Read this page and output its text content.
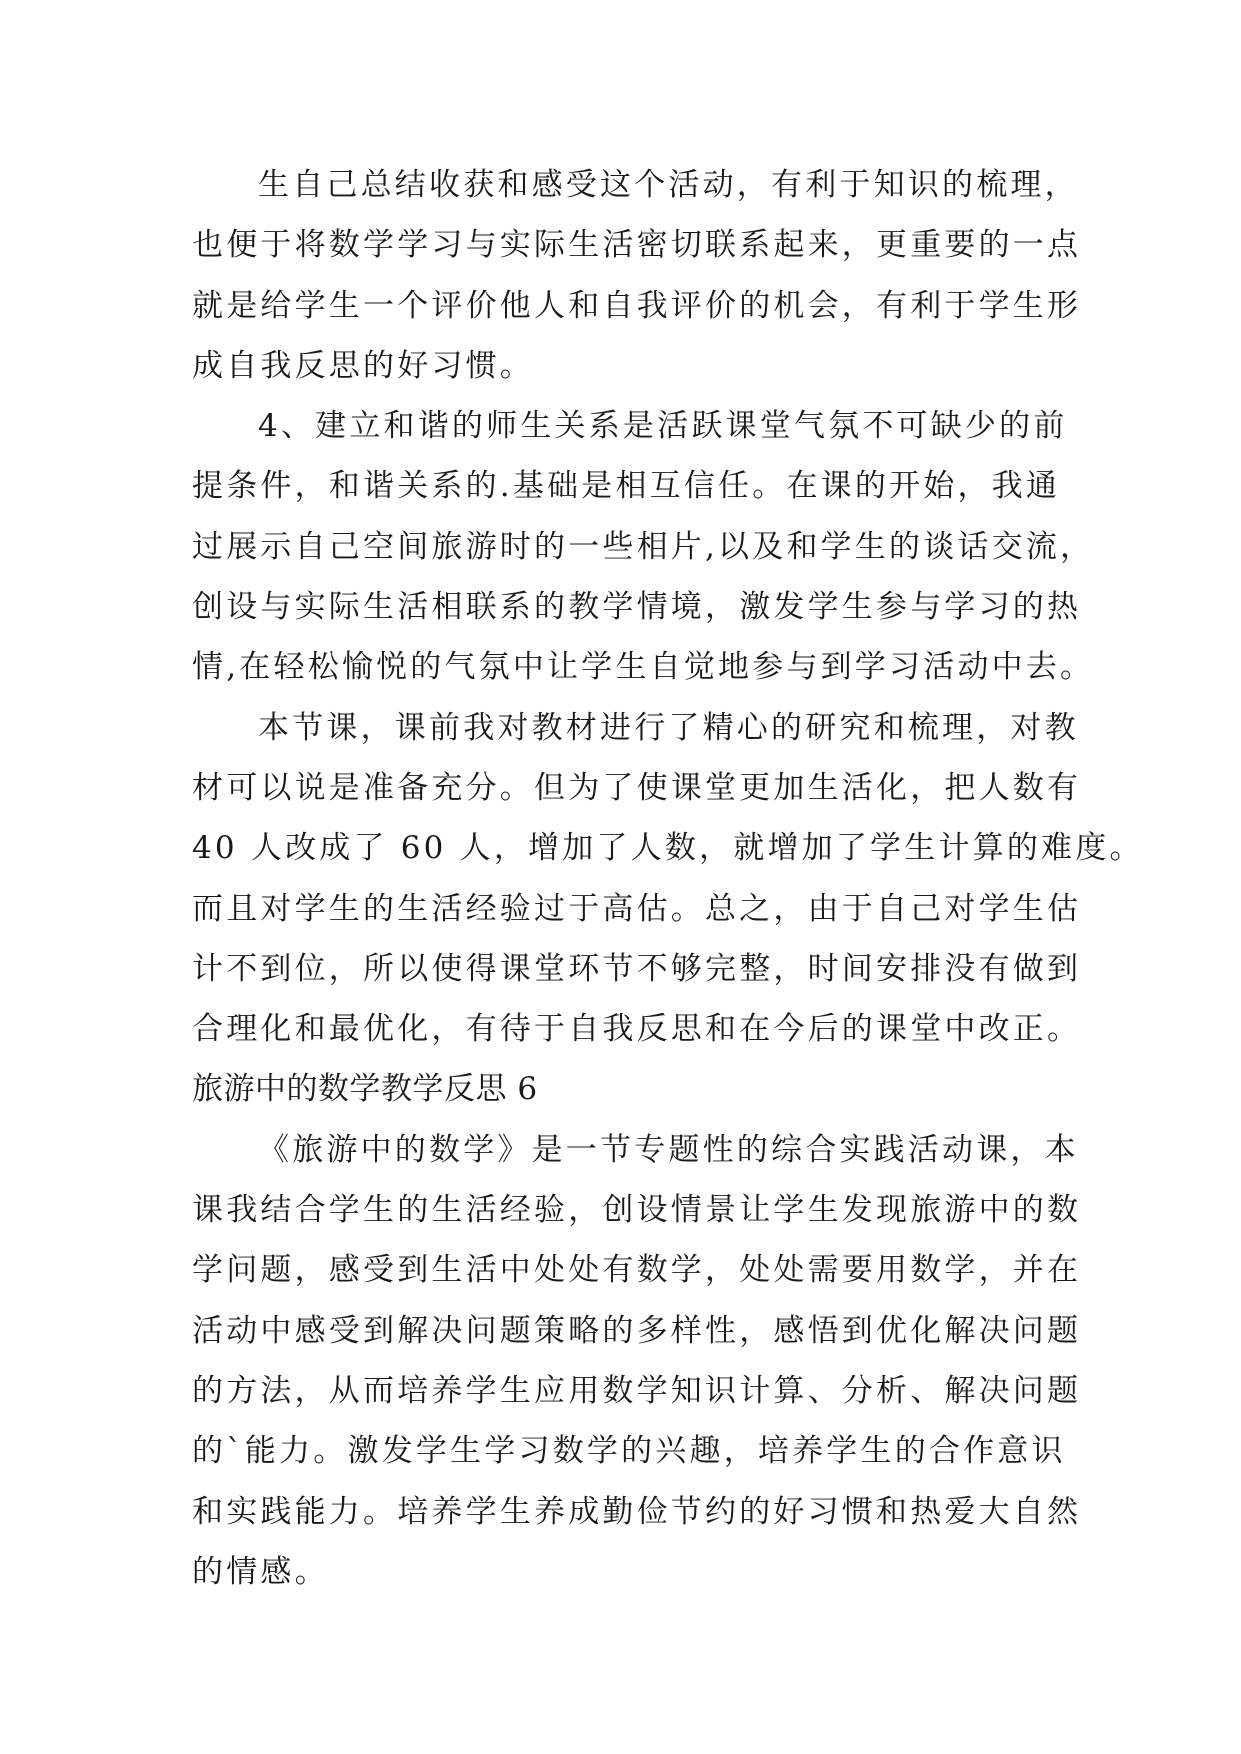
生自己总结收获和感受这个活动，有利于知识的梳理，
也便于将数学学习与实际生活密切联系起来，更重要的一点
就是给学生一个评价他人和自我评价的机会，有利于学生形
成自我反思的好习惯。
4、建立和谐的师生关系是活跃课堂气氛不可缺少的前
提条件，和谐关系的.基础是相互信任。在课的开始，我通
过展示自己空间旅游时的一些相片,以及和学生的谈话交流，
创设与实际生活相联系的教学情境，激发学生参与学习的热
情,在轻松愉悦的气氛中让学生自觉地参与到学习活动中去。
本节课，课前我对教材进行了精心的研究和梳理，对教
材可以说是准备充分。但为了使课堂更加生活化，把人数有
40 人改成了 60 人，增加了人数，就增加了学生计算的难度。
而且对学生的生活经验过于高估。总之，由于自己对学生估
计不到位，所以使得课堂环节不够完整，时间安排没有做到
合理化和最优化，有待于自我反思和在今后的课堂中改正。
旅游中的数学教学反思 6
《旅游中的数学》是一节专题性的综合实践活动课，本
课我结合学生的生活经验，创设情景让学生发现旅游中的数
学问题，感受到生活中处处有数学，处处需要用数学，并在
活动中感受到解决问题策略的多样性，感悟到优化解决问题
的方法，从而培养学生应用数学知识计算、分析、解决问题
的`能力。激发学生学习数学的兴趣，培养学生的合作意识
和实践能力。培养学生养成勤俭节约的好习惯和热爱大自然
的情感。
